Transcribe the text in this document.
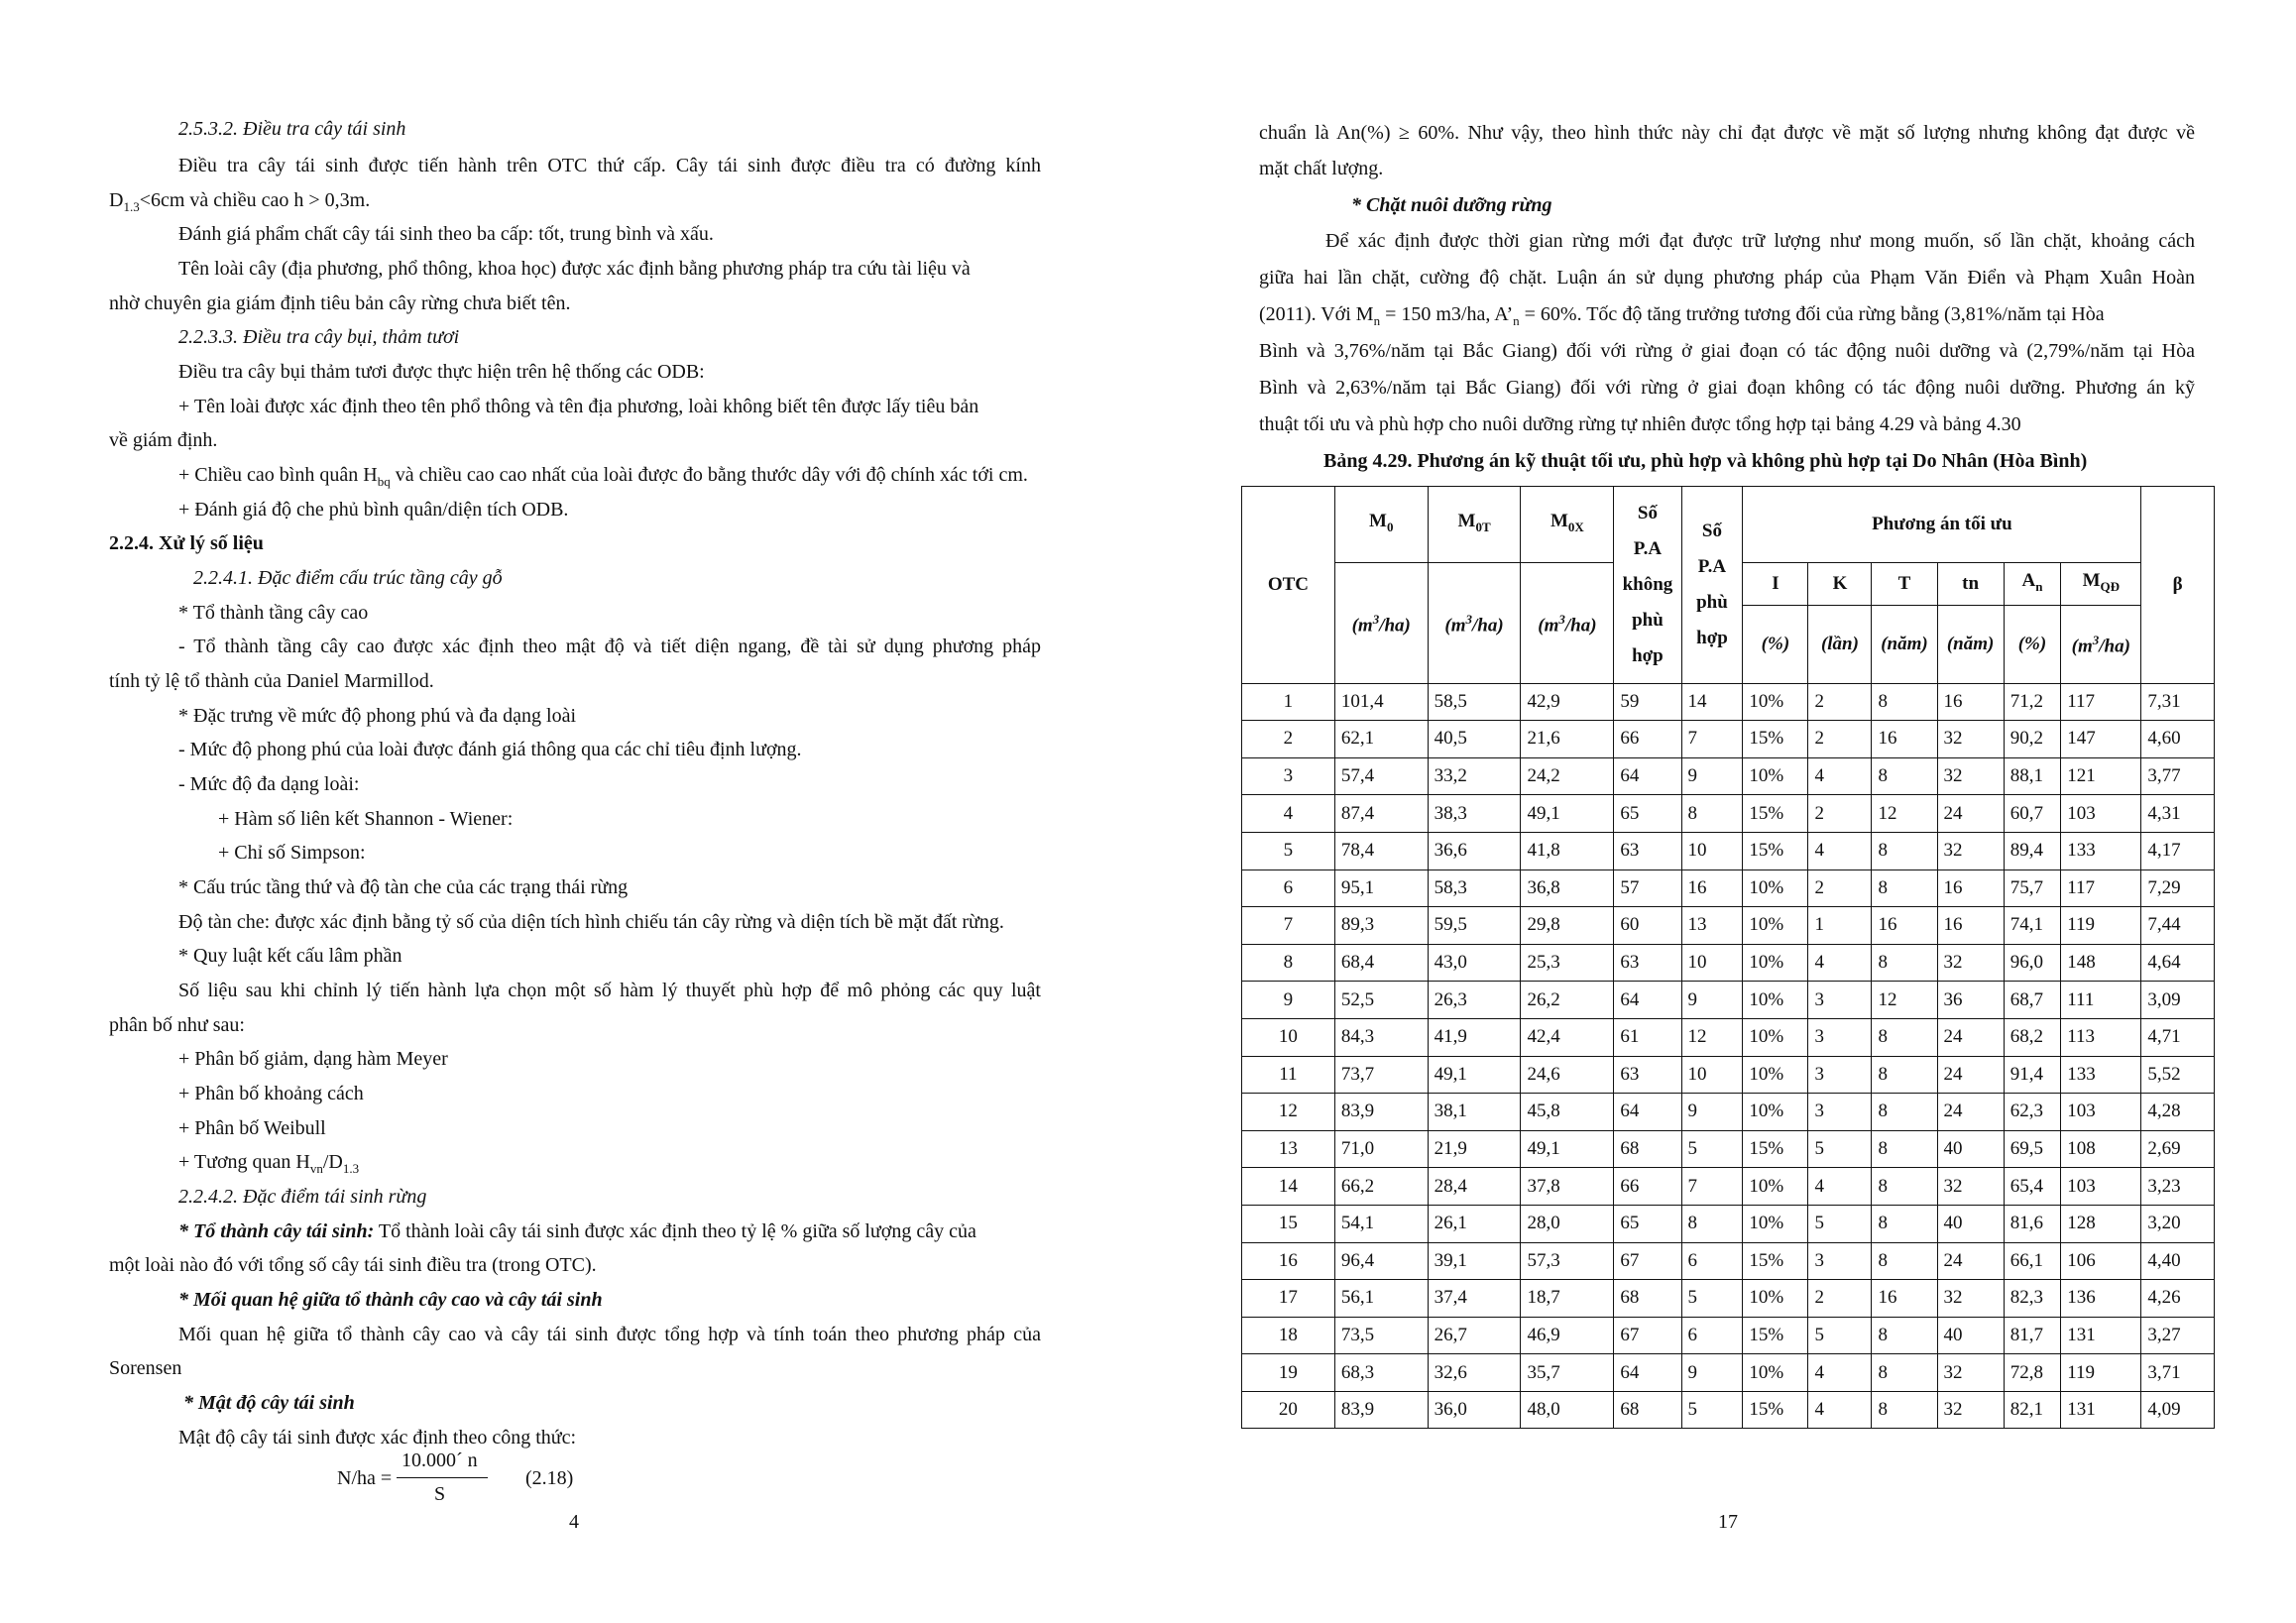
2.5.3.2. Điều tra cây tái sinh
Điều tra cây tái sinh được tiến hành trên OTC thứ cấp. Cây tái sinh được điều tra có đường kính
$D_{1.3}<6cm$ và chiều cao h > 0,3m.
Đánh giá phẩm chất cây tái sinh theo ba cấp: tốt, trung bình và xấu.
Tên loài cây (địa phương, phổ thông, khoa học) được xác định bằng phương pháp tra cứu tài liệu và
nhờ chuyên gia giám định tiêu bản cây rừng chưa biết tên.
2.2.3.3. Điều tra cây bụi, thảm tươi
Điều tra cây bụi thảm tươi được thực hiện trên hệ thống các ODB:
+ Tên loài được xác định theo tên phổ thông và tên địa phương, loài không biết tên được lấy tiêu bản
về giám định.
+ Chiều cao bình quân $H_{bq}$ và chiều cao cao nhất của loài được đo bằng thước dây với độ chính xác tới cm.
+ Đánh giá độ che phủ bình quân/diện tích ODB.
2.2.4. Xử lý số liệu
2.2.4.1. Đặc điểm cấu trúc tầng cây gỗ
* Tổ thành tầng cây cao
- Tổ thành tầng cây cao được xác định theo mật độ và tiết diện ngang, đề tài sử dụng phương pháp
tính tỷ lệ tổ thành của Daniel Marmillod.
* Đặc trưng về mức độ phong phú và đa dạng loài
- Mức độ phong phú của loài được đánh giá thông qua các chỉ tiêu định lượng.
- Mức độ đa dạng loài:
+ Hàm số liên kết Shannon - Wiener:
+ Chỉ số Simpson:
* Cấu trúc tầng thứ và độ tàn che của các trạng thái rừng
Độ tàn che: được xác định bằng tỷ số của diện tích hình chiếu tán cây rừng và diện tích bề mặt đất rừng.
* Quy luật kết cấu lâm phần
Số liệu sau khi chỉnh lý tiến hành lựa chọn một số hàm lý thuyết phù hợp để mô phỏng các quy luật
phân bố như sau:
+ Phân bố giảm, dạng hàm Meyer
+ Phân bố khoảng cách
+ Phân bố Weibull
+ Tương quan $H_{vn}/D_{1.3}$
2.2.4.2. Đặc điểm tái sinh rừng
* Tổ thành cây tái sinh: Tổ thành loài cây tái sinh được xác định theo tỷ lệ % giữa số lượng cây của
một loài nào đó với tổng số cây tái sinh điều tra (trong OTC).
* Mối quan hệ giữa tổ thành cây cao và cây tái sinh
Mối quan hệ giữa tổ thành cây cao và cây tái sinh được tổng hợp và tính toán theo phương pháp của
Sorensen
* Mật độ cây tái sinh
Mật độ cây tái sinh được xác định theo công thức:
N/ha =
10.000´ n
S
(2.18)
4
chuẩn là An(%) ≥ 60%. Như vậy, theo hình thức này chỉ đạt được về mặt số lượng nhưng không đạt được về
mặt chất lượng.
* Chặt nuôi dưỡng rừng
Để xác định được thời gian rừng mới đạt được trữ lượng như mong muốn, số lần chặt, khoảng cách
giữa hai lần chặt, cường độ chặt. Luận án sử dụng phương pháp của Phạm Văn Điển và Phạm Xuân Hoàn
(2011). Với $M_n = 150$ m3/ha, $A’_n = 60\%$. Tốc độ tăng trưởng tương đối của rừng bằng (3,81%/năm tại Hòa
Bình và 3,76%/năm tại Bắc Giang) đối với rừng ở giai đoạn có tác động nuôi dưỡng và (2,79%/năm tại Hòa
Bình và 2,63%/năm tại Bắc Giang) đối với rừng ở giai đoạn không có tác động nuôi dưỡng. Phương án kỹ
thuật tối ưu và phù hợp cho nuôi dưỡng rừng tự nhiên được tổng hợp tại bảng 4.29 và bảng 4.30
Bảng 4.29. Phương án kỹ thuật tối ưu, phù hợp và không phù hợp tại Do Nhân (Hòa Bình)
OTC	$M_0$	$M_{0T}$	$M_{0X}$	Số
P.A
không
phù
hợp	Số
P.A
phù
hợp	Phương án tối ưu						β
	$(m^3/ha)$	$(m^3/ha)$	$(m^3/ha)$			I	K	T	tn	$A_n$	$M_{QĐ}$
						(%)	(lần)	(năm)	(năm)	(%)	$(m^3/ha)$	
1	101,4	58,5	42,9	59	14	10%	2	8	16	71,2	117	7,31
2	62,1	40,5	21,6	66	7	15%	2	16	32	90,2	147	4,60
3	57,4	33,2	24,2	64	9	10%	4	8	32	88,1	121	3,77
4	87,4	38,3	49,1	65	8	15%	2	12	24	60,7	103	4,31
5	78,4	36,6	41,8	63	10	15%	4	8	32	89,4	133	4,17
6	95,1	58,3	36,8	57	16	10%	2	8	16	75,7	117	7,29
7	89,3	59,5	29,8	60	13	10%	1	16	16	74,1	119	7,44
8	68,4	43,0	25,3	63	10	10%	4	8	32	96,0	148	4,64
9	52,5	26,3	26,2	64	9	10%	3	12	36	68,7	111	3,09
10	84,3	41,9	42,4	61	12	10%	3	8	24	68,2	113	4,71
11	73,7	49,1	24,6	63	10	10%	3	8	24	91,4	133	5,52
12	83,9	38,1	45,8	64	9	10%	3	8	24	62,3	103	4,28
13	71,0	21,9	49,1	68	5	15%	5	8	40	69,5	108	2,69
14	66,2	28,4	37,8	66	7	10%	4	8	32	65,4	103	3,23
15	54,1	26,1	28,0	65	8	10%	5	8	40	81,6	128	3,20
16	96,4	39,1	57,3	67	6	15%	3	8	24	66,1	106	4,40
17	56,1	37,4	18,7	68	5	10%	2	16	32	82,3	136	4,26
18	73,5	26,7	46,9	67	6	15%	5	8	40	81,7	131	3,27
19	68,3	32,6	35,7	64	9	10%	4	8	32	72,8	119	3,71
20	83,9	36,0	48,0	68	5	15%	4	8	32	82,1	131	4,09
17
